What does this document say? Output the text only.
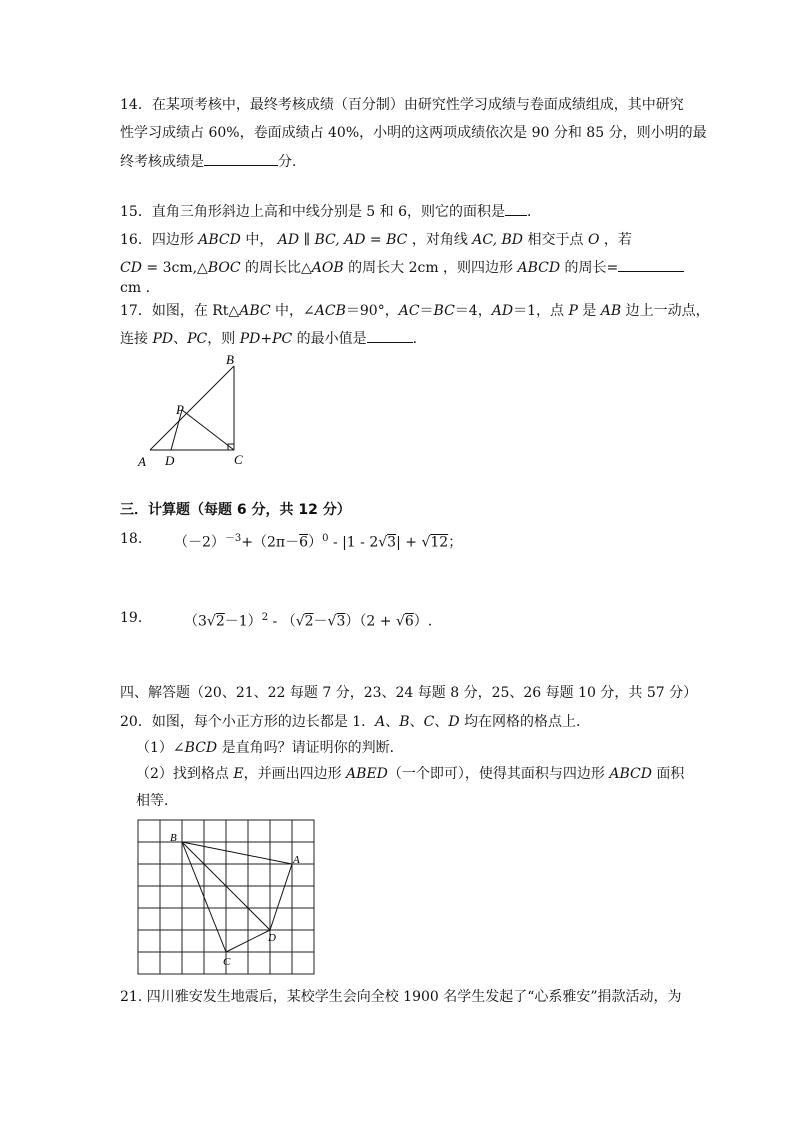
14．在某项考核中，最终考核成绩（百分制）由研究性学习成绩与卷面成绩组成，其中研究
性学习成绩占 60%，卷面成绩占 40%，小明的这两项成绩依次是 90 分和 85 分，则小明的最
终考核成绩是	分．
15．直角三角形斜边上高和中线分别是 5 和 6，则它的面积是 ．
16．四边形 ABCD 中， AD ∥ BC, AD = BC ，对角线 AC, BD 相交于点 O ，若
CD = 3cm,△BOC 的周长比△AOB 的周长大 2cm ，则四边形 ABCD 的周长=
cm .
17．如图，在 Rt△ABC 中，∠ACB＝90°，AC＝BC＝4，AD＝1，点 P 是 AB 边上一动点，
连接 PD、PC，则 PD+PC 的最小值是	．
B
P
A D	C
三．计算题（每题 6 分，共 12 分）
18. $(-2)^{-3}+(2\pi-6)^0 - |1 - 2√3| + √12$；
19.	$(3√2-1)^2 - (√2-√3)(2 + √6)$.
四、解答题（20、21、22 每题 7 分，23、24 每题 8 分，25、26 每题 10 分，共 57 分）
20．如图，每个小正方形的边长都是 1．A、B、C、D 均在网格的格点上．
（1）∠BCD 是直角吗？请证明你的判断．
（2）找到格点 E，并画出四边形 ABED（一个即可），使得其面积与四边形 ABCD 面积
相等．
B
A
D
C
21. 四川雅安发生地震后，某校学生会向全校 1900 名学生发起了“心系雅安”捐款活动，为
